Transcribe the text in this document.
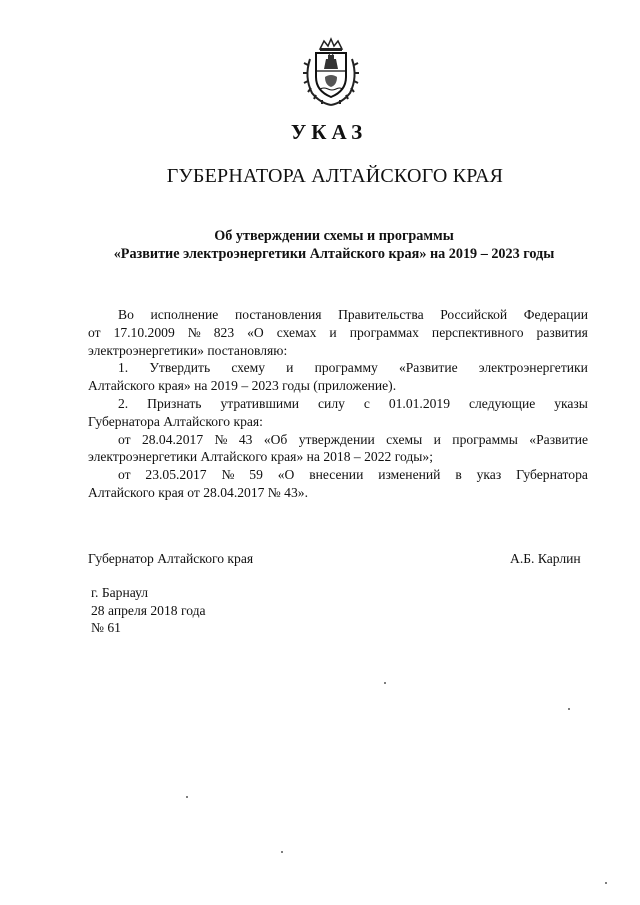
УКАЗ
ГУБЕРНАТОРА АЛТАЙСКОГО КРАЯ
Об утверждении схемы и программы
«Развитие электроэнергетики Алтайского края» на 2019 – 2023 годы
Во исполнение постановления Правительства Российской Федерации
от 17.10.2009 № 823 «О схемах и программах перспективного развития
электроэнергетики» постановляю:
1. Утвердить схему и программу «Развитие электроэнергетики
Алтайского края» на 2019 – 2023 годы (приложение).
2. Признать утратившими силу с 01.01.2019 следующие указы
Губернатора Алтайского края:
от 28.04.2017 № 43 «Об утверждении схемы и программы «Развитие
электроэнергетики Алтайского края» на 2018 – 2022 годы»;
от 23.05.2017 № 59 «О внесении изменений в указ Губернатора
Алтайского края от 28.04.2017 № 43».
Губернатор Алтайского края	А.Б. Карлин
г. Барнаул
28 апреля 2018 года
№ 61
